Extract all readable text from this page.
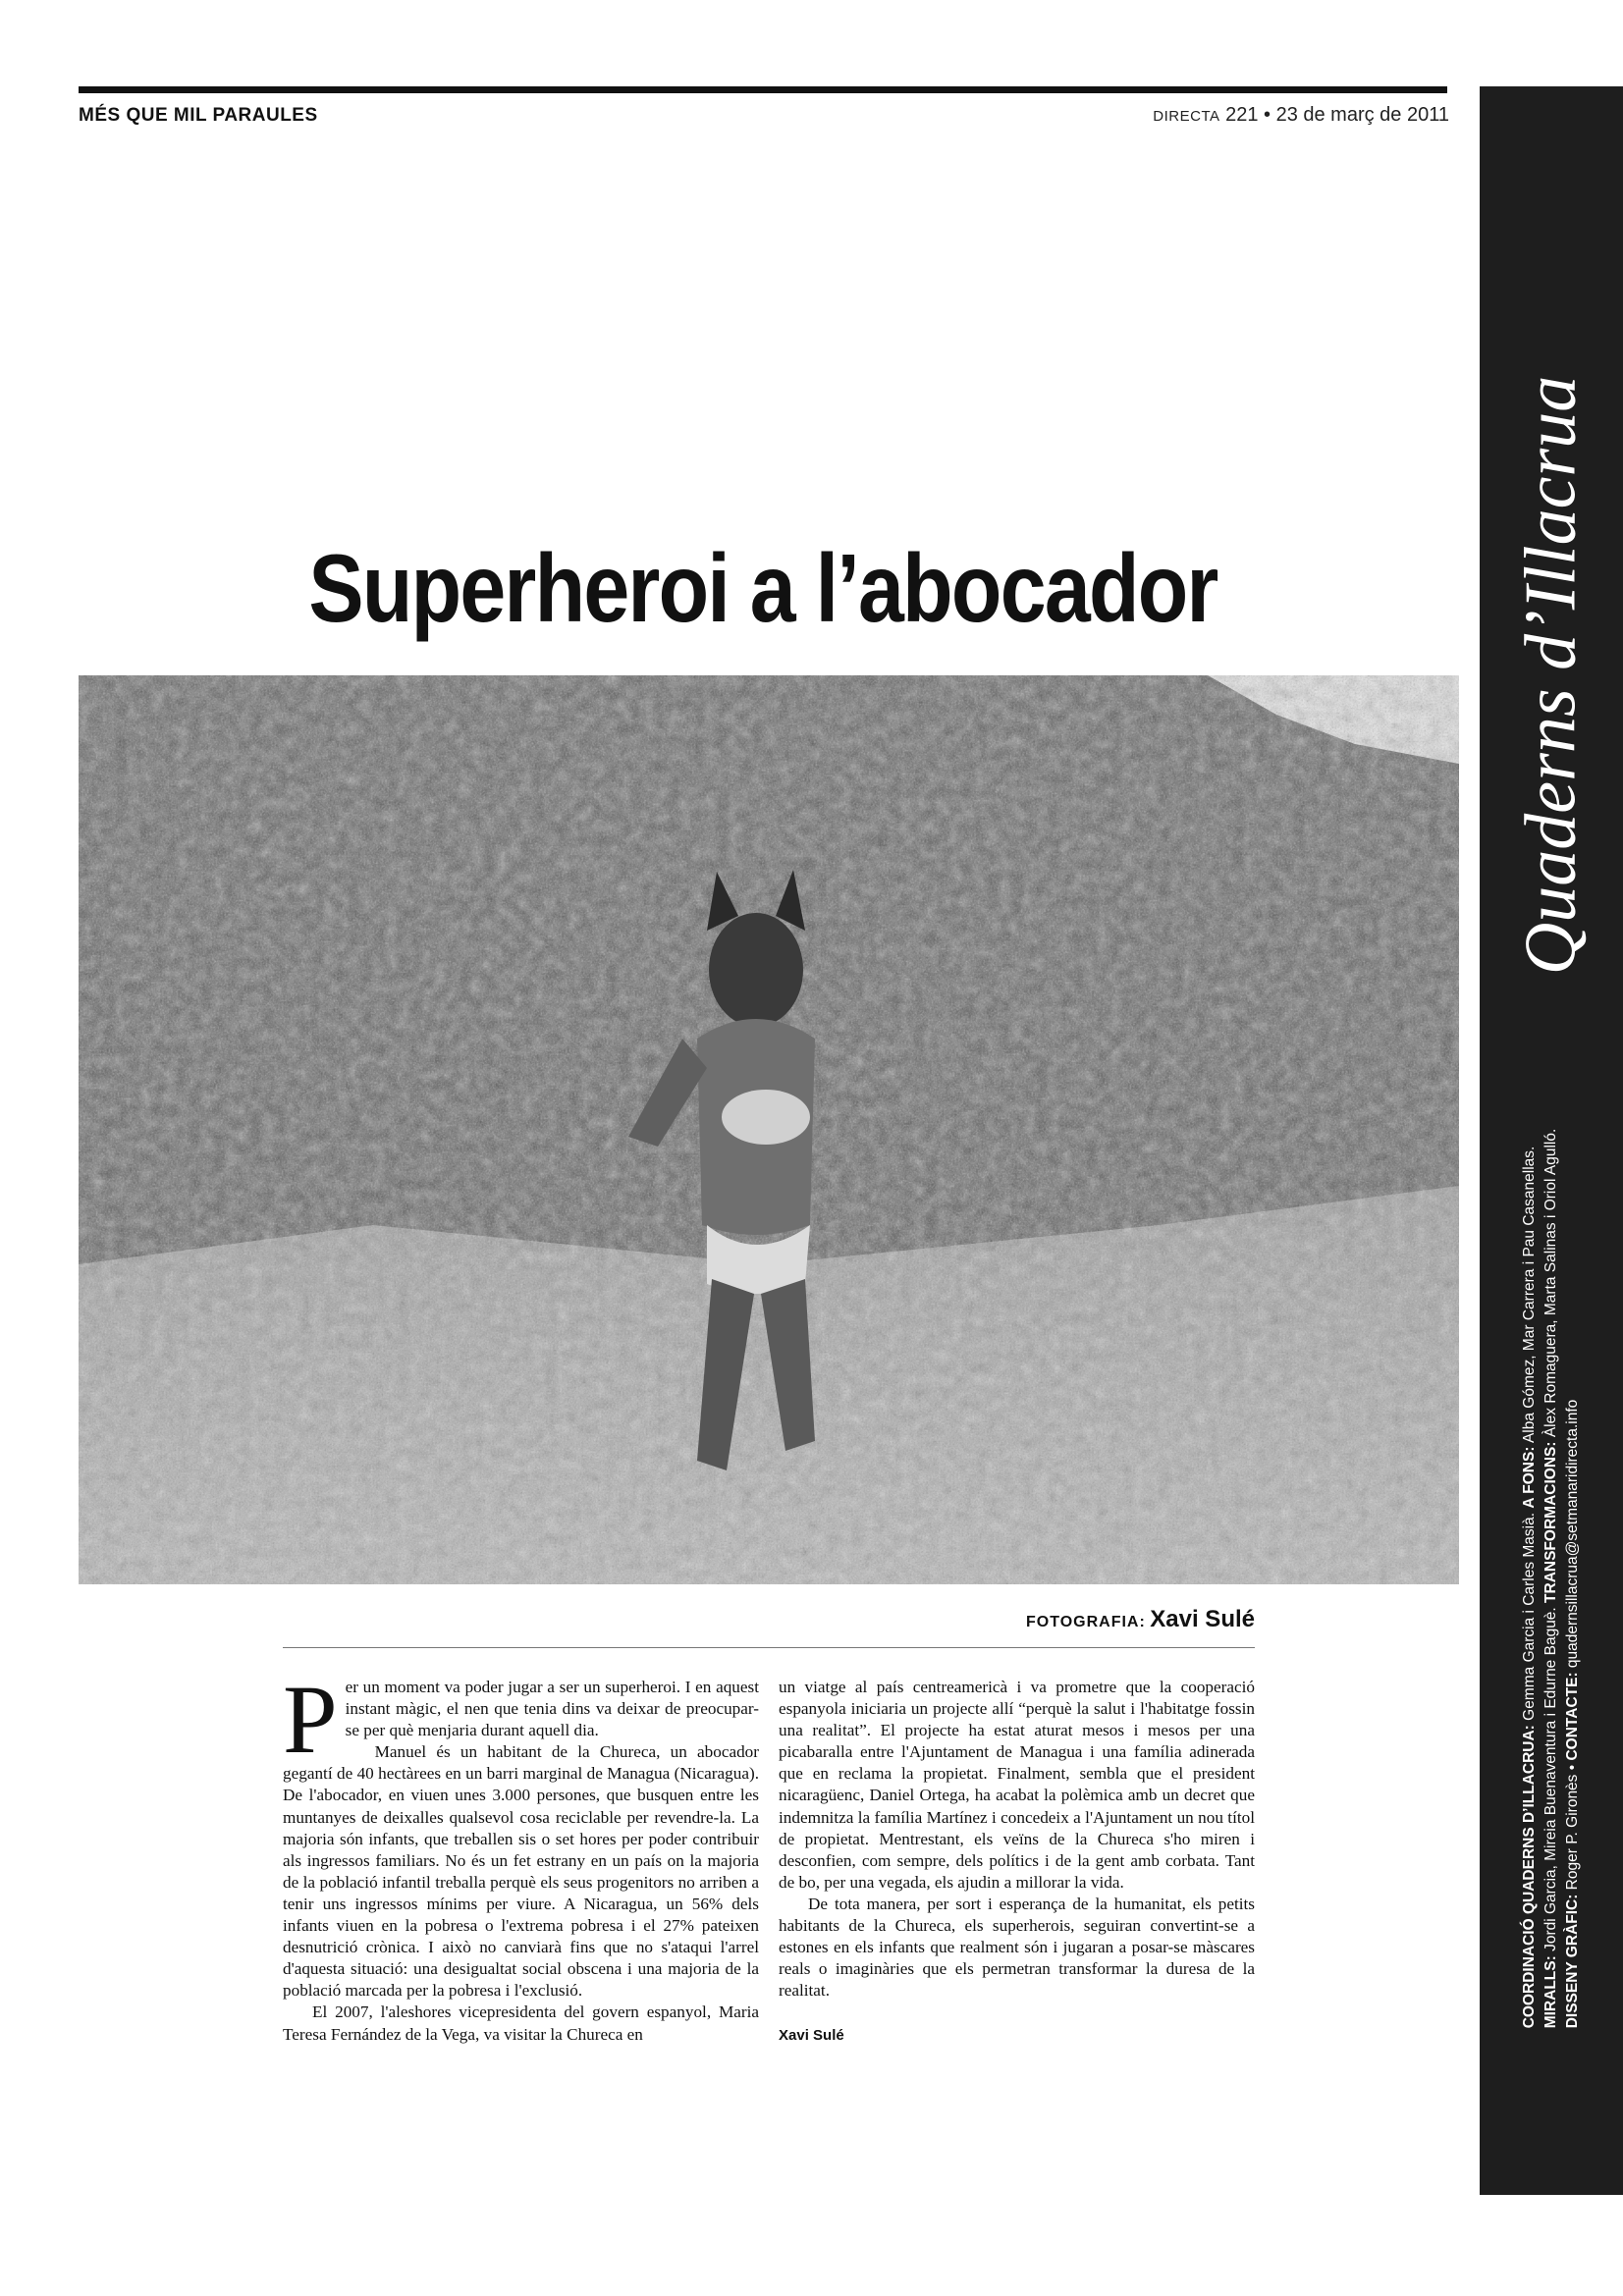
MÉS QUE MIL PARAULES	DIRECTA 221 • 23 de març de 2011
Superheroi a l’abocador
FOTOGRAFIA: Xavi Sulé

Per un moment va poder jugar a ser un superheroi. I en aquest instant màgic, el nen que tenia dins va deixar de preocupar-se per què menjaria durant aquell dia.

Manuel és un habitant de la Chureca, un abocador gegantí de 40 hectàrees en un barri marginal de Managua (Nicaragua). De l'abocador, en viuen unes 3.000 persones, que busquen entre les muntanyes de deixalles qualsevol cosa reciclable per revendre-la. La majoria són infants, que treballen sis o set hores per poder contribuir als ingressos familiars. No és un fet estrany en un país on la majoria de la població infantil treballa perquè els seus progenitors no arriben a tenir uns ingressos mínims per viure. A Nicaragua, un 56% dels infants viuen en la pobresa o l'extrema pobresa i el 27% pateixen desnutrició crònica. I això no canviarà fins que no s'ataqui l'arrel d'aquesta situació: una desigualtat social obscena i una majoria de la població marcada per la pobresa i l'exclusió.

El 2007, l'aleshores vicepresidenta del govern espanyol, Maria Teresa Fernández de la Vega, va visitar la Chureca en

un viatge al país centreamericà i va prometre que la cooperació espanyola iniciaria un projecte allí “perquè la salut i l'habitatge fossin una realitat”. El projecte ha estat aturat mesos i mesos per una picabaralla entre l'Ajuntament de Managua i una família adinerada que en reclama la propietat. Finalment, sembla que el president nicaragüenc, Daniel Ortega, ha acabat la polèmica amb un decret que indemnitza la família Martínez i concedeix a l'Ajuntament un nou títol de propietat. Mentrestant, els veïns de la Chureca s'ho miren i desconfien, com sempre, dels polítics i de la gent amb corbata. Tant de bo, per una vegada, els ajudin a millorar la vida.

De tota manera, per sort i esperança de la humanitat, els petits habitants de la Chureca, els superherois, seguiran convertint-se a estones en els infants que realment són i jugaran a posar-se màscares reals o imaginàries que els permetran transformar la duresa de la realitat.

Xavi Sulé
Quaderns d’Illacrua
COORDINACIÓ QUADERNS D’ILLACRUA: Gemma Garcia i Carles Masià. A FONS: Alba Gómez, Mar Carrera i Pau Casanellas.
MIRALLS: Jordi Garcia, Mireia Buenaventura i Edurne Baguè. TRANSFORMACIONS: Àlex Romaguera, Marta Salinas i Oriol Agulló.
DISSENY GRÀFIC: Roger P. Gironès • CONTACTE: quadernsillacrua@setmanaridirecta.info
